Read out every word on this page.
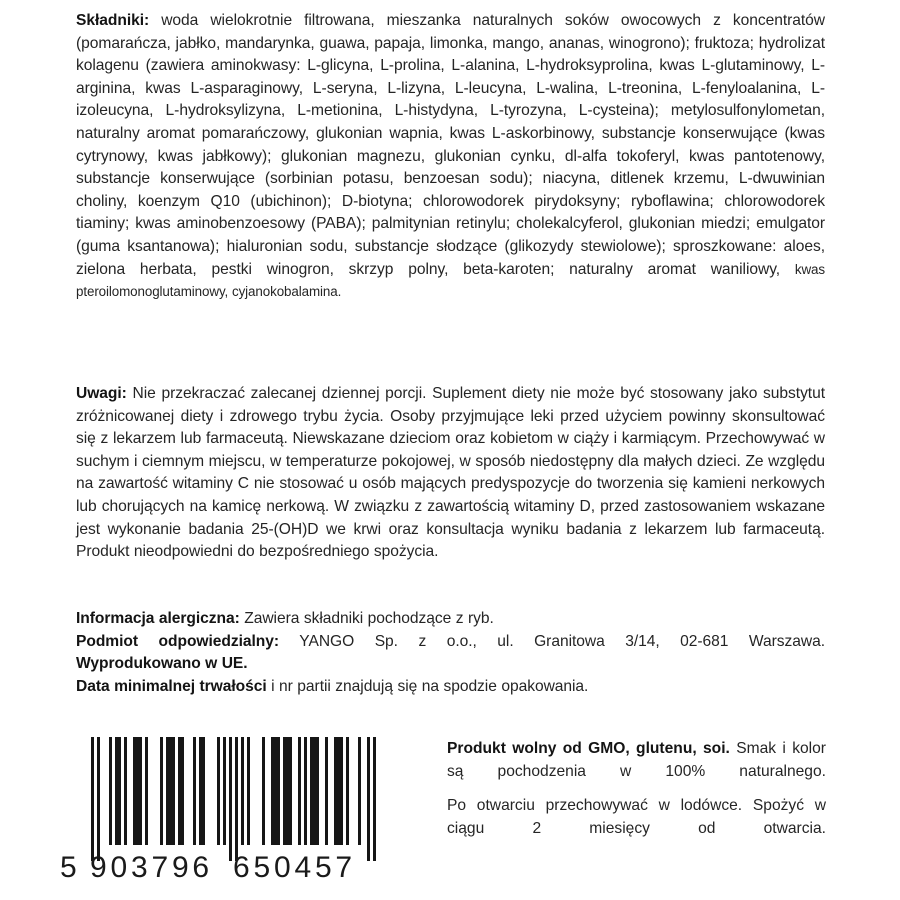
Składniki: woda wielokrotnie filtrowana, mieszanka naturalnych soków owocowych z koncentratów (pomarańcza, jabłko, mandarynka, guawa, papaja, limonka, mango, ananas, winogrono); fruktoza; hydrolizat kolagenu (zawiera aminokwasy: L-glicyna, L-prolina, L-alanina, L-hydroksyprolina, kwas L-glutaminowy, L-arginina, kwas L-asparaginowy, L-seryna, L-lizyna, L-leucyna, L-walina, L-treonina, L-fenyloalanina, L-izoleucyna, L-hydroksylizyna, L-metionina, L-histydyna, L-tyrozyna, L-cysteina); metylosulfonylometan, naturalny aromat pomarańczowy, glukonian wapnia, kwas L-askorbinowy, substancje konserwujące (kwas cytrynowy, kwas jabłkowy); glukonian magnezu, glukonian cynku, dl-alfa tokoferyl, kwas pantotenowy, substancje konserwujące (sorbinian potasu, benzoesan sodu); niacyna, ditlenek krzemu, L-dwuwinian choliny, koenzym Q10 (ubichinon); D-biotyna; chlorowodorek pirydoksyny; ryboflawina; chlorowodorek tiaminy; kwas aminobenzoesowy (PABA); palmitynian retinylu; cholekalcyferol, glukonian miedzi; emulgator (guma ksantanowa); hialuronian sodu, substancje słodzące (glikozydy stewiolowe); sproszkowane: aloes, zielona herbata, pestki winogron, skrzyp polny, beta-karoten; naturalny aromat waniliowy, kwas pteroilomonoglutaminowy, cyjanokobalamina.
Uwagi: Nie przekraczać zalecanej dziennej porcji. Suplement diety nie może być stosowany jako substytut zróżnicowanej diety i zdrowego trybu życia. Osoby przyjmujące leki przed użyciem powinny skonsultować się z lekarzem lub farmaceutą. Niewskazane dzieciom oraz kobietom w ciąży i karmiącym. Przechowywać w suchym i ciemnym miejscu, w temperaturze pokojowej, w sposób niedostępny dla małych dzieci. Ze względu na zawartość witaminy C nie stosować u osób mających predyspozycje do tworzenia się kamieni nerkowych lub chorujących na kamicę nerkową. W związku z zawartością witaminy D, przed zastosowaniem wskazane jest wykonanie badania 25-(OH)D we krwi oraz konsultacja wyniku badania z lekarzem lub farmaceutą. Produkt nieodpowiedni do bezpośredniego spożycia.
Informacja alergiczna: Zawiera składniki pochodzące z ryb.
Podmiot odpowiedzialny: YANGO Sp. z o.o., ul. Granitowa 3/14, 02-681 Warszawa.
Wyprodukowano w UE.
Data minimalnej trwałości i nr partii znajdują się na spodzie opakowania.
5 903796 650457

Produkt wolny od GMO, glutenu, soi. Smak i kolor są pochodzenia w 100% naturalnego.

Po otwarciu przechowywać w lodówce. Spożyć w ciągu 2 miesięcy od otwarcia.
